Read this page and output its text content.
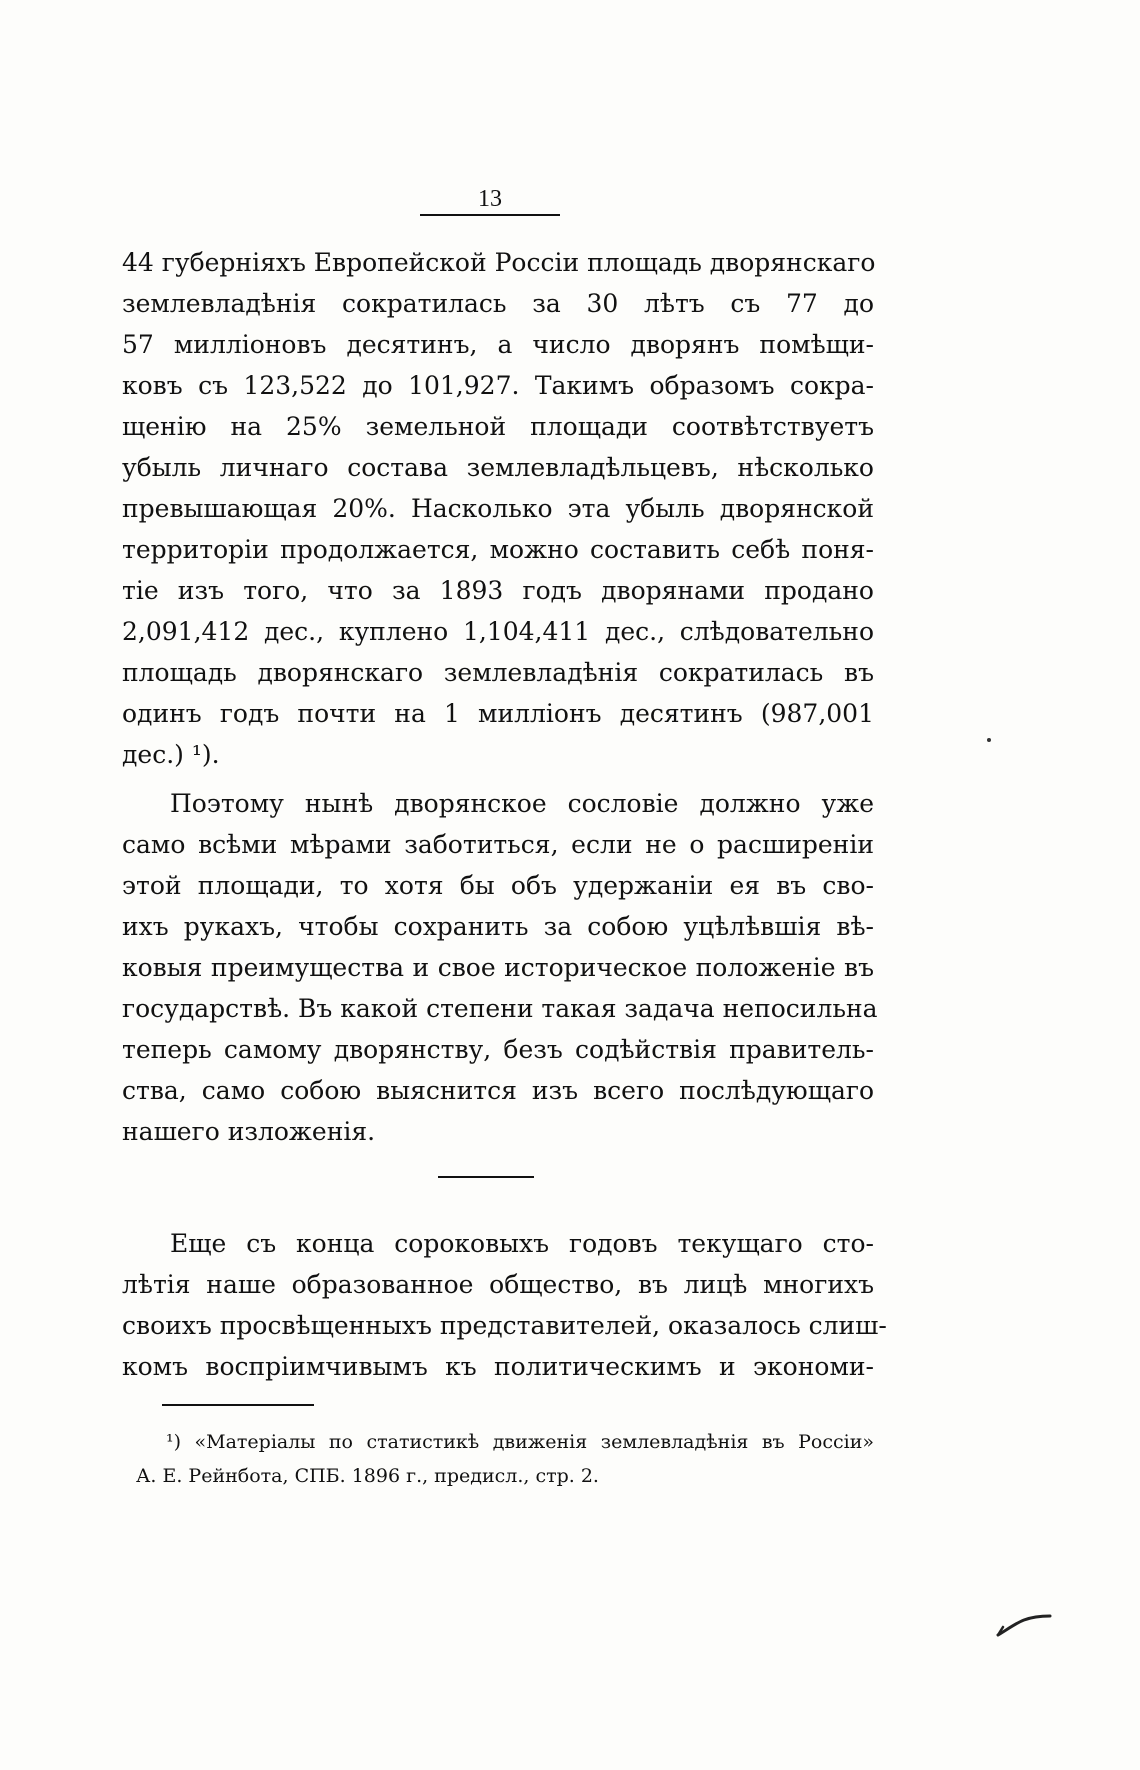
13
44 губерніяхъ Европейской Россіи площадь дворянскаго
землевладѣнія сократилась за 30 лѣтъ съ 77 до
57 милліоновъ десятинъ, а число дворянъ помѣщи-
ковъ съ 123,522 до 101,927. Такимъ образомъ сокра-
щенію на 25% земельной площади соотвѣтствуетъ
убыль личнаго состава землевладѣльцевъ, нѣсколько
превышающая 20%. Насколько эта убыль дворянской
территоріи продолжается, можно составить себѣ поня-
тіе изъ того, что за 1893 годъ дворянами продано
2,091,412 дес., куплено 1,104,411 дес., слѣдовательно
площадь дворянскаго землевладѣнія сократилась въ
одинъ годъ почти на 1 милліонъ десятинъ (987,001
дес.) ¹).
Поэтому нынѣ дворянское сословіе должно уже
само всѣми мѣрами заботиться, если не о расширеніи
этой площади, то хотя бы объ удержаніи ея въ сво-
ихъ рукахъ, чтобы сохранить за собою уцѣлѣвшія вѣ-
ковыя преимущества и свое историческое положеніе въ
государствѣ. Въ какой степени такая задача непосильна
теперь самому дворянству, безъ содѣйствія правитель-
ства, само собою выяснится изъ всего послѣдующаго
нашего изложенія.
Еще съ конца сороковыхъ годовъ текущаго сто-
лѣтія наше образованное общество, въ лицѣ многихъ
своихъ просвѣщенныхъ представителей, оказалось слиш-
комъ воспріимчивымъ къ политическимъ и экономи-
¹) «Матеріалы по статистикѣ движенія землевладѣнія въ Россіи»
А. Е. Рейнбота, СПБ. 1896 г., предисл., стр. 2.
